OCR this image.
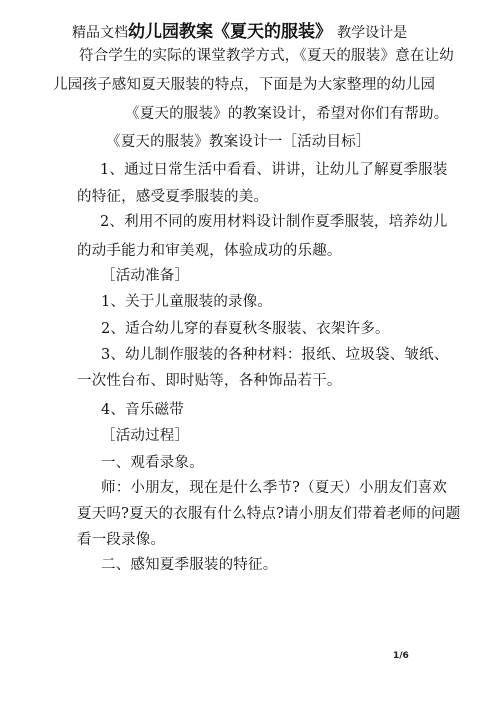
精品文档幼儿园教案《夏天的服装》 教学设计是
符合学生的实际的课堂教学方式，《夏天的服装》意在让幼
儿园孩子感知夏天服装的特点，下面是为大家整理的幼儿园
《夏天的服装》的教案设计，希望对你们有帮助。
《夏天的服装》教案设计一［活动目标］
1、通过日常生活中看看、讲讲，让幼儿了解夏季服装
的特征，感受夏季服装的美。
2、利用不同的废用材料设计制作夏季服装，培养幼儿
的动手能力和审美观，体验成功的乐趣。
［活动准备］
1、关于儿童服装的录像。
2、适合幼儿穿的春夏秋冬服装、衣架许多。
3、幼儿制作服装的各种材料：报纸、垃圾袋、皱纸、
一次性台布、即时贴等，各种饰品若干。
4、音乐磁带
［活动过程］
一、观看录象。
师：小朋友，现在是什么季节?（夏天）小朋友们喜欢
夏天吗?夏天的衣服有什么特点?请小朋友们带着老师的问题
看一段录像。
二、感知夏季服装的特征。
1/6
